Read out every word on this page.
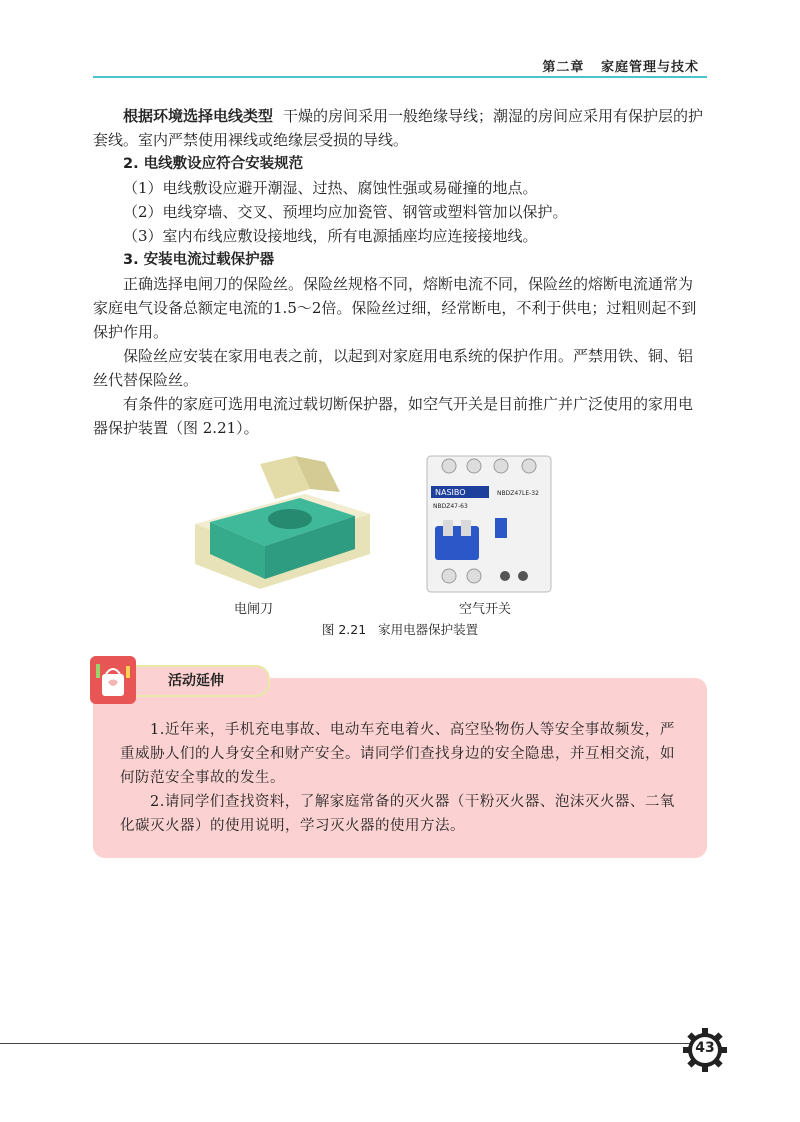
第二章 家庭管理与技术

根据环境选择电线类型 干燥的房间采用一般绝缘导线；潮湿的房间应采用有保护层的护套线。室内严禁使用裸线或绝缘层受损的导线。

2. 电线敷设应符合安装规范

（1）电线敷设应避开潮湿、过热、腐蚀性强或易碰撞的地点。

（2）电线穿墙、交叉、预埋均应加瓷管、钢管或塑料管加以保护。

（3）室内布线应敷设接地线，所有电源插座均应连接接地线。

3. 安装电流过载保护器

正确选择电闸刀的保险丝。保险丝规格不同，熔断电流不同，保险丝的熔断电流通常为家庭电气设备总额定电流的1.5～2倍。保险丝过细，经常断电，不利于供电；过粗则起不到保护作用。

保险丝应安装在家用电表之前，以起到对家庭用电系统的保护作用。严禁用铁、铜、铝丝代替保险丝。

有条件的家庭可选用电流过载切断保护器，如空气开关是目前推广并广泛使用的家用电器保护装置（图 2.21）。

NASIBO
NBDZ47-63
NBDZ47LE-32
电闸刀	空气开关
图 2.21 家用电器保护装置
活动延伸

1.近年来，手机充电事故、电动车充电着火、高空坠物伤人等安全事故频发，严重威胁人们的人身安全和财产安全。请同学们查找身边的安全隐患，并互相交流，如何防范安全事故的发生。

2.请同学们查找资料，了解家庭常备的灭火器（干粉灭火器、泡沫灭火器、二氧化碳灭火器）的使用说明，学习灭火器的使用方法。

43
